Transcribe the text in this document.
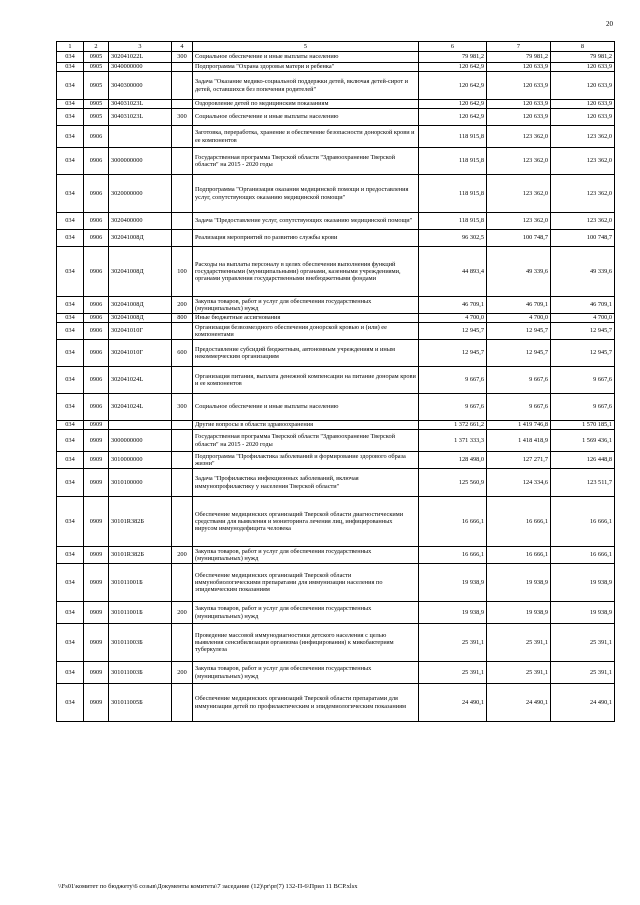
20
1	2	3	4	5	6	7	8
034	0905	302041022L	300	Социальное обеспечение и иные выплаты населению	79 981,2	79 981,2	79 981,2
034	0905	3040000000		Подпрограмма "Охрана здоровья матери и ребенка"	120 642,9	120 633,9	120 633,9
034	0905	3040300000		Задача "Оказание медико-социальной поддержки детей, включая детей-сирот и детей, оставшихся без попечения родителей"	120 642,9	120 633,9	120 633,9
034	0905	304031023L		Оздоровление детей по медицинским показаниям	120 642,9	120 633,9	120 633,9
034	0905	304031023L	300	Социальное обеспечение и иные выплаты населению	120 642,9	120 633,9	120 633,9
034	0906			Заготовка, переработка, хранение и обеспечение безопасности донорской крови и ее компонентов	118 915,8	123 362,0	123 362,0
034	0906	3000000000		Государственная программа Тверской области "Здравоохранение Тверской области" на 2015 - 2020 годы	118 915,8	123 362,0	123 362,0
034	0906	3020000000		Подпрограмма "Организация оказания медицинской помощи и предоставления услуг, сопутствующих оказанию медицинской помощи"	118 915,8	123 362,0	123 362,0
034	0906	3020400000		Задача "Предоставление услуг, сопутствующих оказанию медицинской помощи"	118 915,8	123 362,0	123 362,0
034	0906	302041008Д		Реализация мероприятий по развитию службы крови	96 302,5	100 748,7	100 748,7
034	0906	302041008Д	100	Расходы на выплаты персоналу в целях обеспечения выполнения функций государственными (муниципальными) органами, казенными учреждениями, органами управления государственными внебюджетными фондами	44 893,4	49 339,6	49 339,6
034	0906	302041008Д	200	Закупка товаров, работ и услуг для обеспечения государственных (муниципальных) нужд	46 709,1	46 709,1	46 709,1
034	0906	302041008Д	800	Иные бюджетные ассигнования	4 700,0	4 700,0	4 700,0
034	0906	302041010Г		Организация безвозмездного обеспечения донорской кровью и (или) ее компонентами	12 945,7	12 945,7	12 945,7
034	0906	302041010Г	600	Предоставление субсидий бюджетным, автономным учреждениям и иным некоммерческим организациям	12 945,7	12 945,7	12 945,7
034	0906	302041024L		Организация питания, выплата денежной компенсации на питание донорам крови и ее компонентов	9 667,6	9 667,6	9 667,6
034	0906	302041024L	300	Социальное обеспечение и иные выплаты населению	9 667,6	9 667,6	9 667,6
034	0909			Другие вопросы в области здравоохранения	1 372 661,2	1 419 746,8	1 570 185,1
034	0909	3000000000		Государственная программа Тверской области "Здравоохранение Тверской области" на 2015 - 2020 годы	1 371 333,3	1 418 418,9	1 569 436,1
034	0909	3010000000		Подпрограмма "Профилактика заболеваний и формирование здорового образа жизни"	128 498,0	127 271,7	126 448,8
034	0909	3010100000		Задача "Профилактика инфекционных заболеваний, включая иммунопрофилактику у населения Тверской области"	125 560,9	124 334,6	123 511,7
034	0909	30101R382Б		Обеспечение медицинских организаций Тверской области диагностическими средствами для выявления и мониторинга лечения лиц, инфицированных вирусом иммунодефицита человека	16 666,1	16 666,1	16 666,1
034	0909	30101R382Б	200	Закупка товаров, работ и услуг для обеспечения государственных (муниципальных) нужд	16 666,1	16 666,1	16 666,1
034	0909	301011001Б		Обеспечение медицинских организаций Тверской области иммунобиологическими препаратами для иммунизации населения по эпидемическим показаниям	19 938,9	19 938,9	19 938,9
034	0909	301011001Б	200	Закупка товаров, работ и услуг для обеспечения государственных (муниципальных) нужд	19 938,9	19 938,9	19 938,9
034	0909	301011003Б		Проведение массовой иммунодиагностики детского населения с целью выявления сенсибилизации организма (инфицирования) к микобактериям туберкулеза	25 391,1	25 391,1	25 391,1
034	0909	301011003Б	200	Закупка товаров, работ и услуг для обеспечения государственных (муниципальных) нужд	25 391,1	25 391,1	25 391,1
034	0909	301011005Б		Обеспечение медицинских организаций Тверской области препаратами для иммунизации детей по профилактическим и эпидемиологическим показаниям	24 490,1	24 490,1	24 490,1
\\Fs01\комитет по бюджету\6 созыв\Документы комитета\7 заседание (12)\pr\pr(7) 132-П-6\Прил 11 ВСР.xlsx
